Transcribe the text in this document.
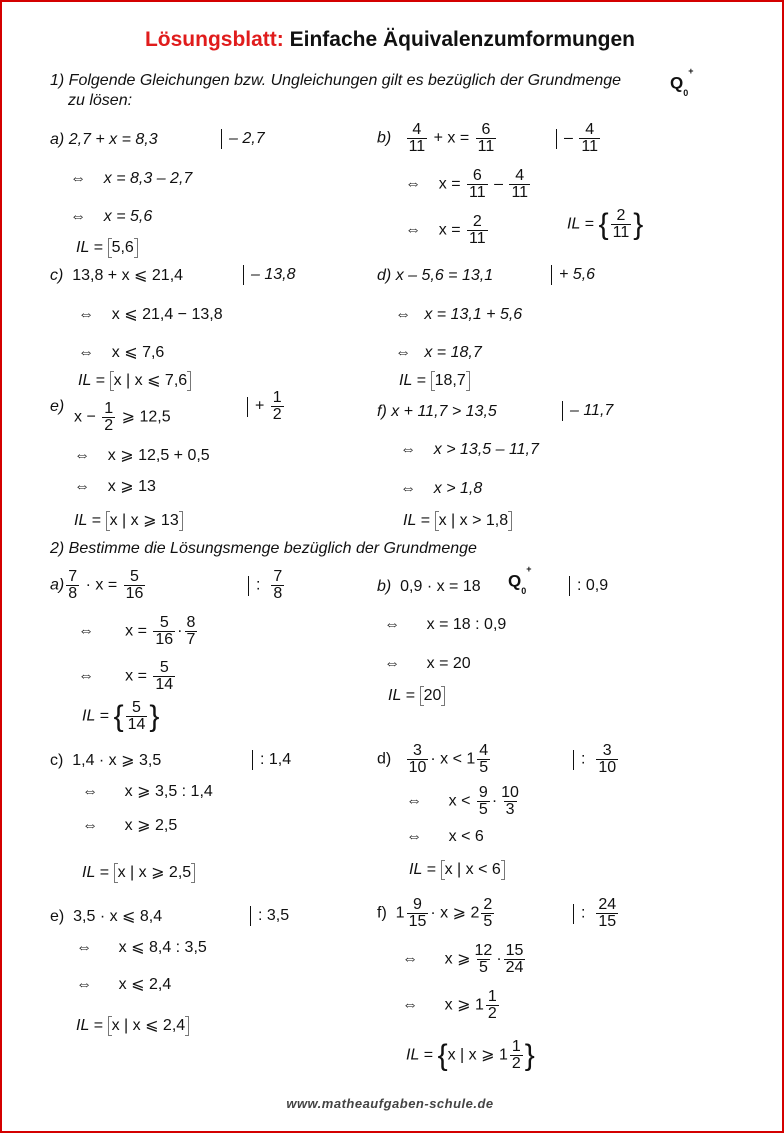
Lösungsblatt: Einfache Äquivalenzumformungen
1) Folgende Gleichungen bzw. Ungleichungen gilt es bezüglich der Grundmenge	$Q_0^+$
zu lösen:
a) 2,7 + x = 8,3	– 2,7
⇔ x = 8,3 – 2,7
⇔ x = 5,6
IL = 5,6
$b) \frac{4}{11} + x = \frac{6}{11}$	– $\frac{4}{11}$
⇔ $x = \frac{6}{11} - \frac{4}{11}$
⇔ $x = \frac{2}{11}$	IL = { $\frac{2}{11}$ }
c) 13,8 + x ⩽ 21,4	– 13,8
⇔ x ⩽ 21,4 − 13,8
⇔ x ⩽ 7,6
IL = x | x ⩽ 7,6
d) x – 5,6 = 13,1	+ 5,6
⇔ x = 13,1 + 5,6
⇔ x = 18,7
IL = 18,7
e)
$x - \frac{1}{2}$ ⩾ 12,5
+ $\frac{1}{2}$
⇔ x ⩾ 12,5 + 0,5
⇔ x ⩾ 13
IL = x | x ⩾ 13
f) x + 11,7 > 13,5	– 11,7
⇔ x > 13,5 – 11,7
⇔ x > 1,8
IL = x | x > 1,8
2) Bestimme die Lösungsmenge bezüglich der Grundmenge
$Q_0^+$
$a) \frac{7}{8} \cdot x = \frac{5}{16}$	: $\frac{7}{8}$
⇔ $x = \frac{5}{16} \cdot \frac{8}{7}$
⇔ $x = \frac{5}{14}$
IL = { $\frac{5}{14}$ }
b) 0,9 · x = 18	: 0,9
⇔ x = 18 : 0,9
⇔ x = 20
IL = 20
c) 1,4 · x ⩾ 3,5	: 1,4
⇔ x ⩾ 3,5 : 1,4
⇔ x ⩾ 2,5
IL = x | x ⩾ 2,5
$d) \frac{3}{10} \cdot x < 1 \frac{4}{5}$	: $\frac{3}{10}$
⇔ $x < \frac{9}{5} \cdot \frac{10}{3}$
⇔ x < 6
IL = x | x < 6
e) 3,5 · x ⩽ 8,4	: 3,5
⇔ x ⩽ 8,4 : 3,5
⇔ x ⩽ 2,4
IL = x | x ⩽ 2,4
f) $1 \frac{9}{15} \cdot x$ ⩾ $2 \frac{2}{5}$	: $\frac{24}{15}$
⇔ x ⩾ $\frac{12}{5} \cdot \frac{15}{24}$
⇔ x ⩾ $1 \frac{1}{2}$
IL = {x | x ⩾ $1 \frac{1}{2}$ }
www.matheaufgaben-schule.de
